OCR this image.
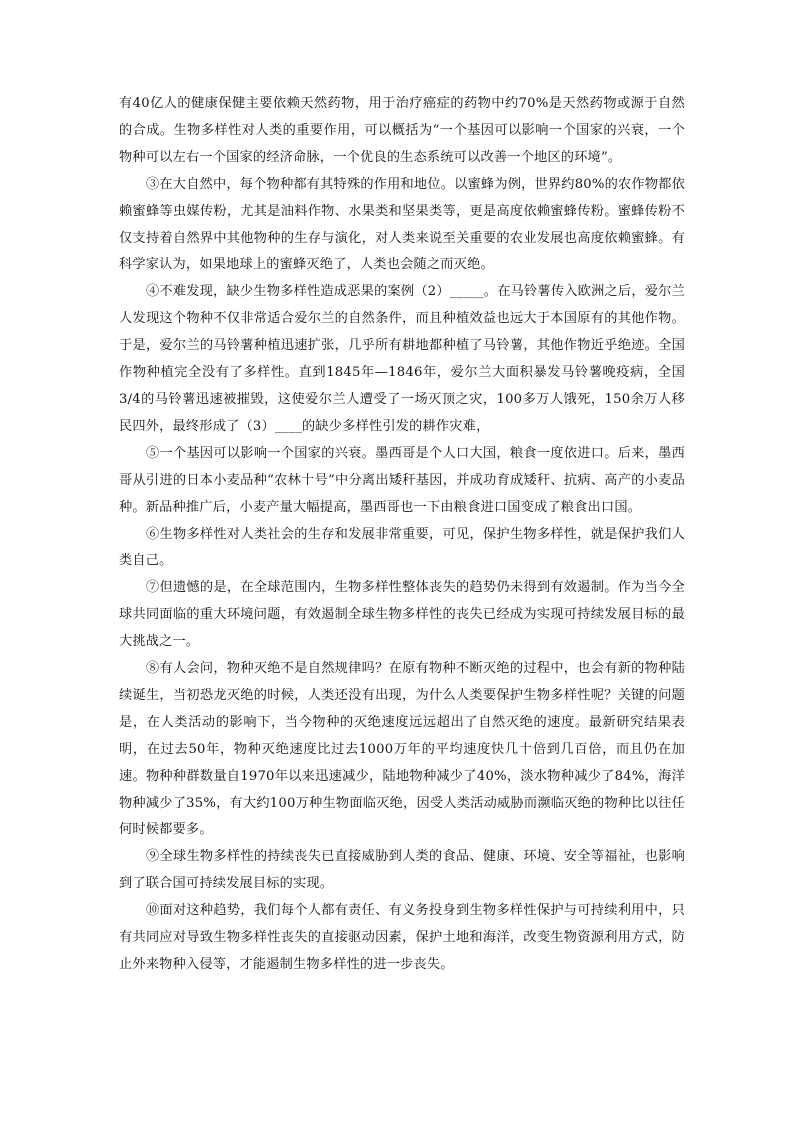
有40亿人的健康保健主要依赖天然药物，用于治疗癌症的药物中约70%是天然药物或源于自然的合成。生物多样性对人类的重要作用，可以概括为“一个基因可以影响一个国家的兴衰，一个物种可以左右一个国家的经济命脉，一个优良的生态系统可以改善一个地区的环境”。

③在大自然中，每个物种都有其特殊的作用和地位。以蜜蜂为例，世界约80%的农作物都依赖蜜蜂等虫媒传粉，尤其是油料作物、水果类和坚果类等，更是高度依赖蜜蜂传粉。蜜蜂传粉不仅支持着自然界中其他物种的生存与演化，对人类来说至关重要的农业发展也高度依赖蜜蜂。有科学家认为，如果地球上的蜜蜂灭绝了，人类也会随之而灭绝。

④不难发现，缺少生物多样性造成恶果的案例（2）_____。在马铃薯传入欧洲之后，爱尔兰人发现这个物种不仅非常适合爱尔兰的自然条件，而且种植效益也远大于本国原有的其他作物。于是，爱尔兰的马铃薯种植迅速扩张，几乎所有耕地都种植了马铃薯，其他作物近乎绝迹。全国作物种植完全没有了多样性。直到1845年—1846年，爱尔兰大面积暴发马铃薯晚疫病，全国3/4的马铃薯迅速被摧毁，这使爱尔兰人遭受了一场灭顶之灾，100多万人饿死，150余万人移民四外，最终形成了（3）____的缺少多样性引发的耕作灾难，

⑤一个基因可以影响一个国家的兴衰。墨西哥是个人口大国，粮食一度依进口。后来，墨西哥从引进的日本小麦品种“农林十号”中分离出矮秆基因，并成功育成矮秆、抗病、高产的小麦品种。新品种推广后，小麦产量大幅提高，墨西哥也一下由粮食进口国变成了粮食出口国。

⑥生物多样性对人类社会的生存和发展非常重要，可见，保护生物多样性，就是保护我们人类自己。

⑦但遗憾的是，在全球范围内，生物多样性整体丧失的趋势仍未得到有效遏制。作为当今全球共同面临的重大环境问题，有效遏制全球生物多样性的丧失已经成为实现可持续发展目标的最大挑战之一。

⑧有人会问，物种灭绝不是自然规律吗？在原有物种不断灭绝的过程中，也会有新的物种陆续诞生，当初恐龙灭绝的时候，人类还没有出现，为什么人类要保护生物多样性呢？关键的问题是，在人类活动的影响下，当今物种的灭绝速度远远超出了自然灭绝的速度。最新研究结果表明，在过去50年，物种灭绝速度比过去1000万年的平均速度快几十倍到几百倍，而且仍在加速。物种种群数量自1970年以来迅速减少，陆地物种减少了40%，淡水物种减少了84%，海洋物种减少了35%，有大约100万种生物面临灭绝，因受人类活动威胁而濒临灭绝的物种比以往任何时候都要多。

⑨全球生物多样性的持续丧失已直接威胁到人类的食品、健康、环境、安全等福祉，也影响到了联合国可持续发展目标的实现。

⑩面对这种趋势，我们每个人都有责任、有义务投身到生物多样性保护与可持续利用中，只有共同应对导致生物多样性丧失的直接驱动因素，保护土地和海洋，改变生物资源利用方式，防止外来物种入侵等，才能遏制生物多样性的进一步丧失。
